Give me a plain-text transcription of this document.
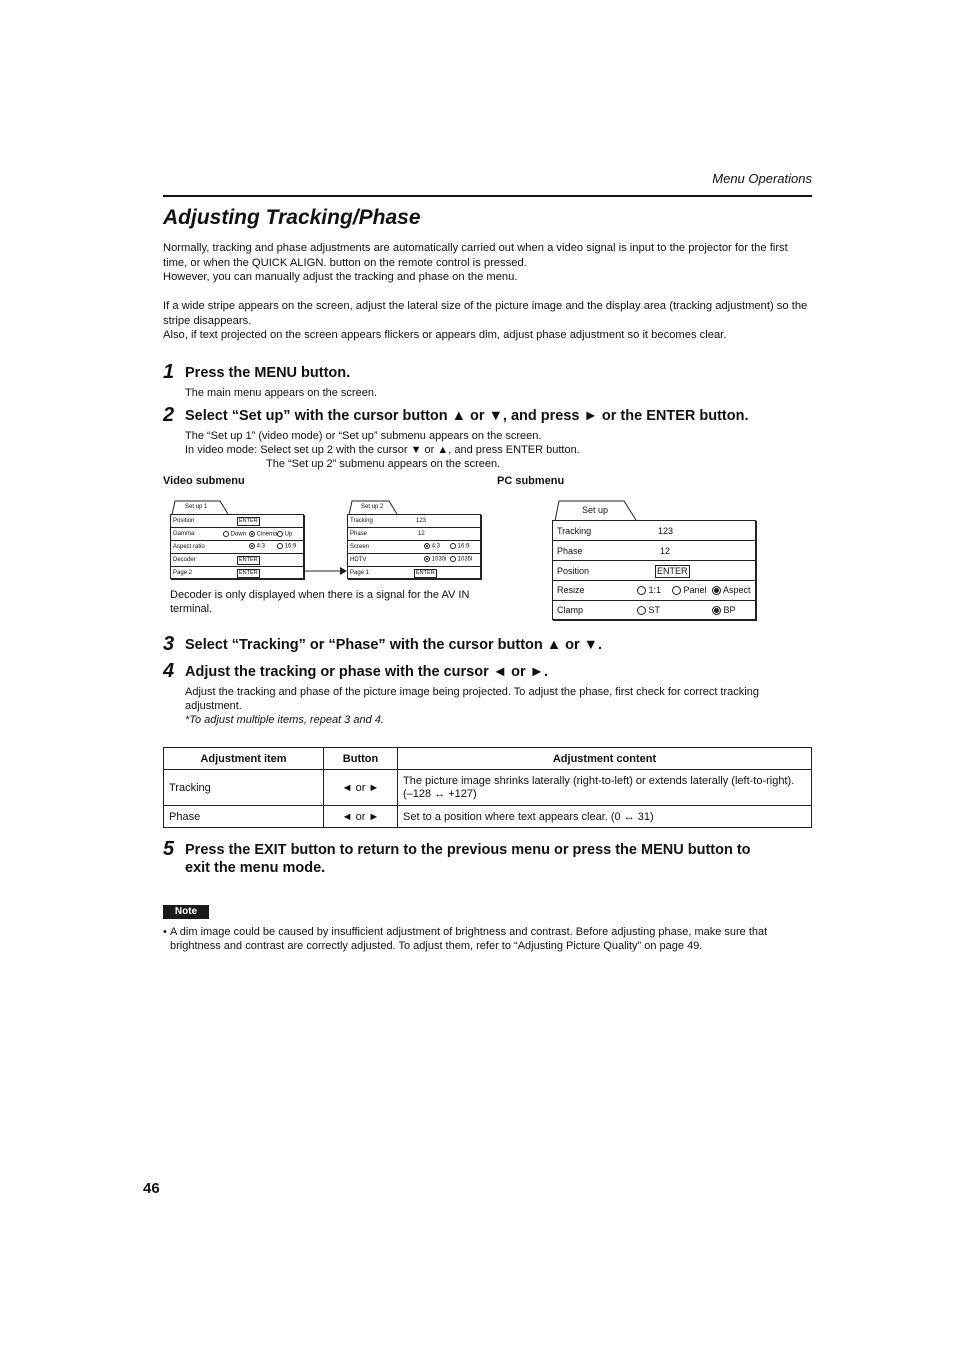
Menu Operations
Adjusting Tracking/Phase
Normally, tracking and phase adjustments are automatically carried out when a video signal is input to the projector for the first time, or when the QUICK ALIGN. button on the remote control is pressed.
However, you can manually adjust the tracking and phase on the menu.
If a wide stripe appears on the screen, adjust the lateral size of the picture image and the display area (tracking adjustment) so the stripe disappears.
Also, if text projected on the screen appears flickers or appears dim, adjust phase adjustment so it becomes clear.
1 Press the MENU button.
The main menu appears on the screen.
2 Select “Set up” with the cursor button ▲ or ▼, and press ► or the ENTER button.
The “Set up 1” (video mode) or “Set up” submenu appears on the screen.
In video mode: Select set up 2 with the cursor ▼ or ▲, and press ENTER button.
The “Set up 2” submenu appears on the screen.
Video submenu	PC submenu
Set up 1
Position	ENTER
Gamma	Down	Cinema	Up
Aspect ratio	4:3	16:9
Decoder	ENTER
Page 2	ENTER
Set up 2
Tracking	123
Phase	12
Screen	4:3	16:9
HDTV	1030i	1035i
Page 1	ENTER
Decoder is only displayed when there is a signal for the AV IN terminal.
Set up
Tracking	123
Phase	12
Position	ENTER
Resize	1:1	Panel	Aspect
Clamp	ST	BP
3 Select “Tracking” or “Phase” with the cursor button ▲ or ▼.
4 Adjust the tracking or phase with the cursor ◄ or ►.
Adjust the tracking and phase of the picture image being projected. To adjust the phase, first check for correct tracking adjustment.
*To adjust multiple items, repeat 3 and 4.
Adjustment item	Button	Adjustment content
Tracking	◄ or ►	The picture image shrinks laterally (right-to-left) or extends laterally (left-to-right). (–128 ↔ +127)
Phase	◄ or ►	Set to a position where text appears clear. (0 ↔ 31)
5 Press the EXIT button to return to the previous menu or press the MENU button to
exit the menu mode.
Note
• A dim image could be caused by insufficient adjustment of brightness and contrast. Before adjusting phase, make sure that brightness and contrast are correctly adjusted. To adjust them, refer to “Adjusting Picture Quality” on page 49.
46
